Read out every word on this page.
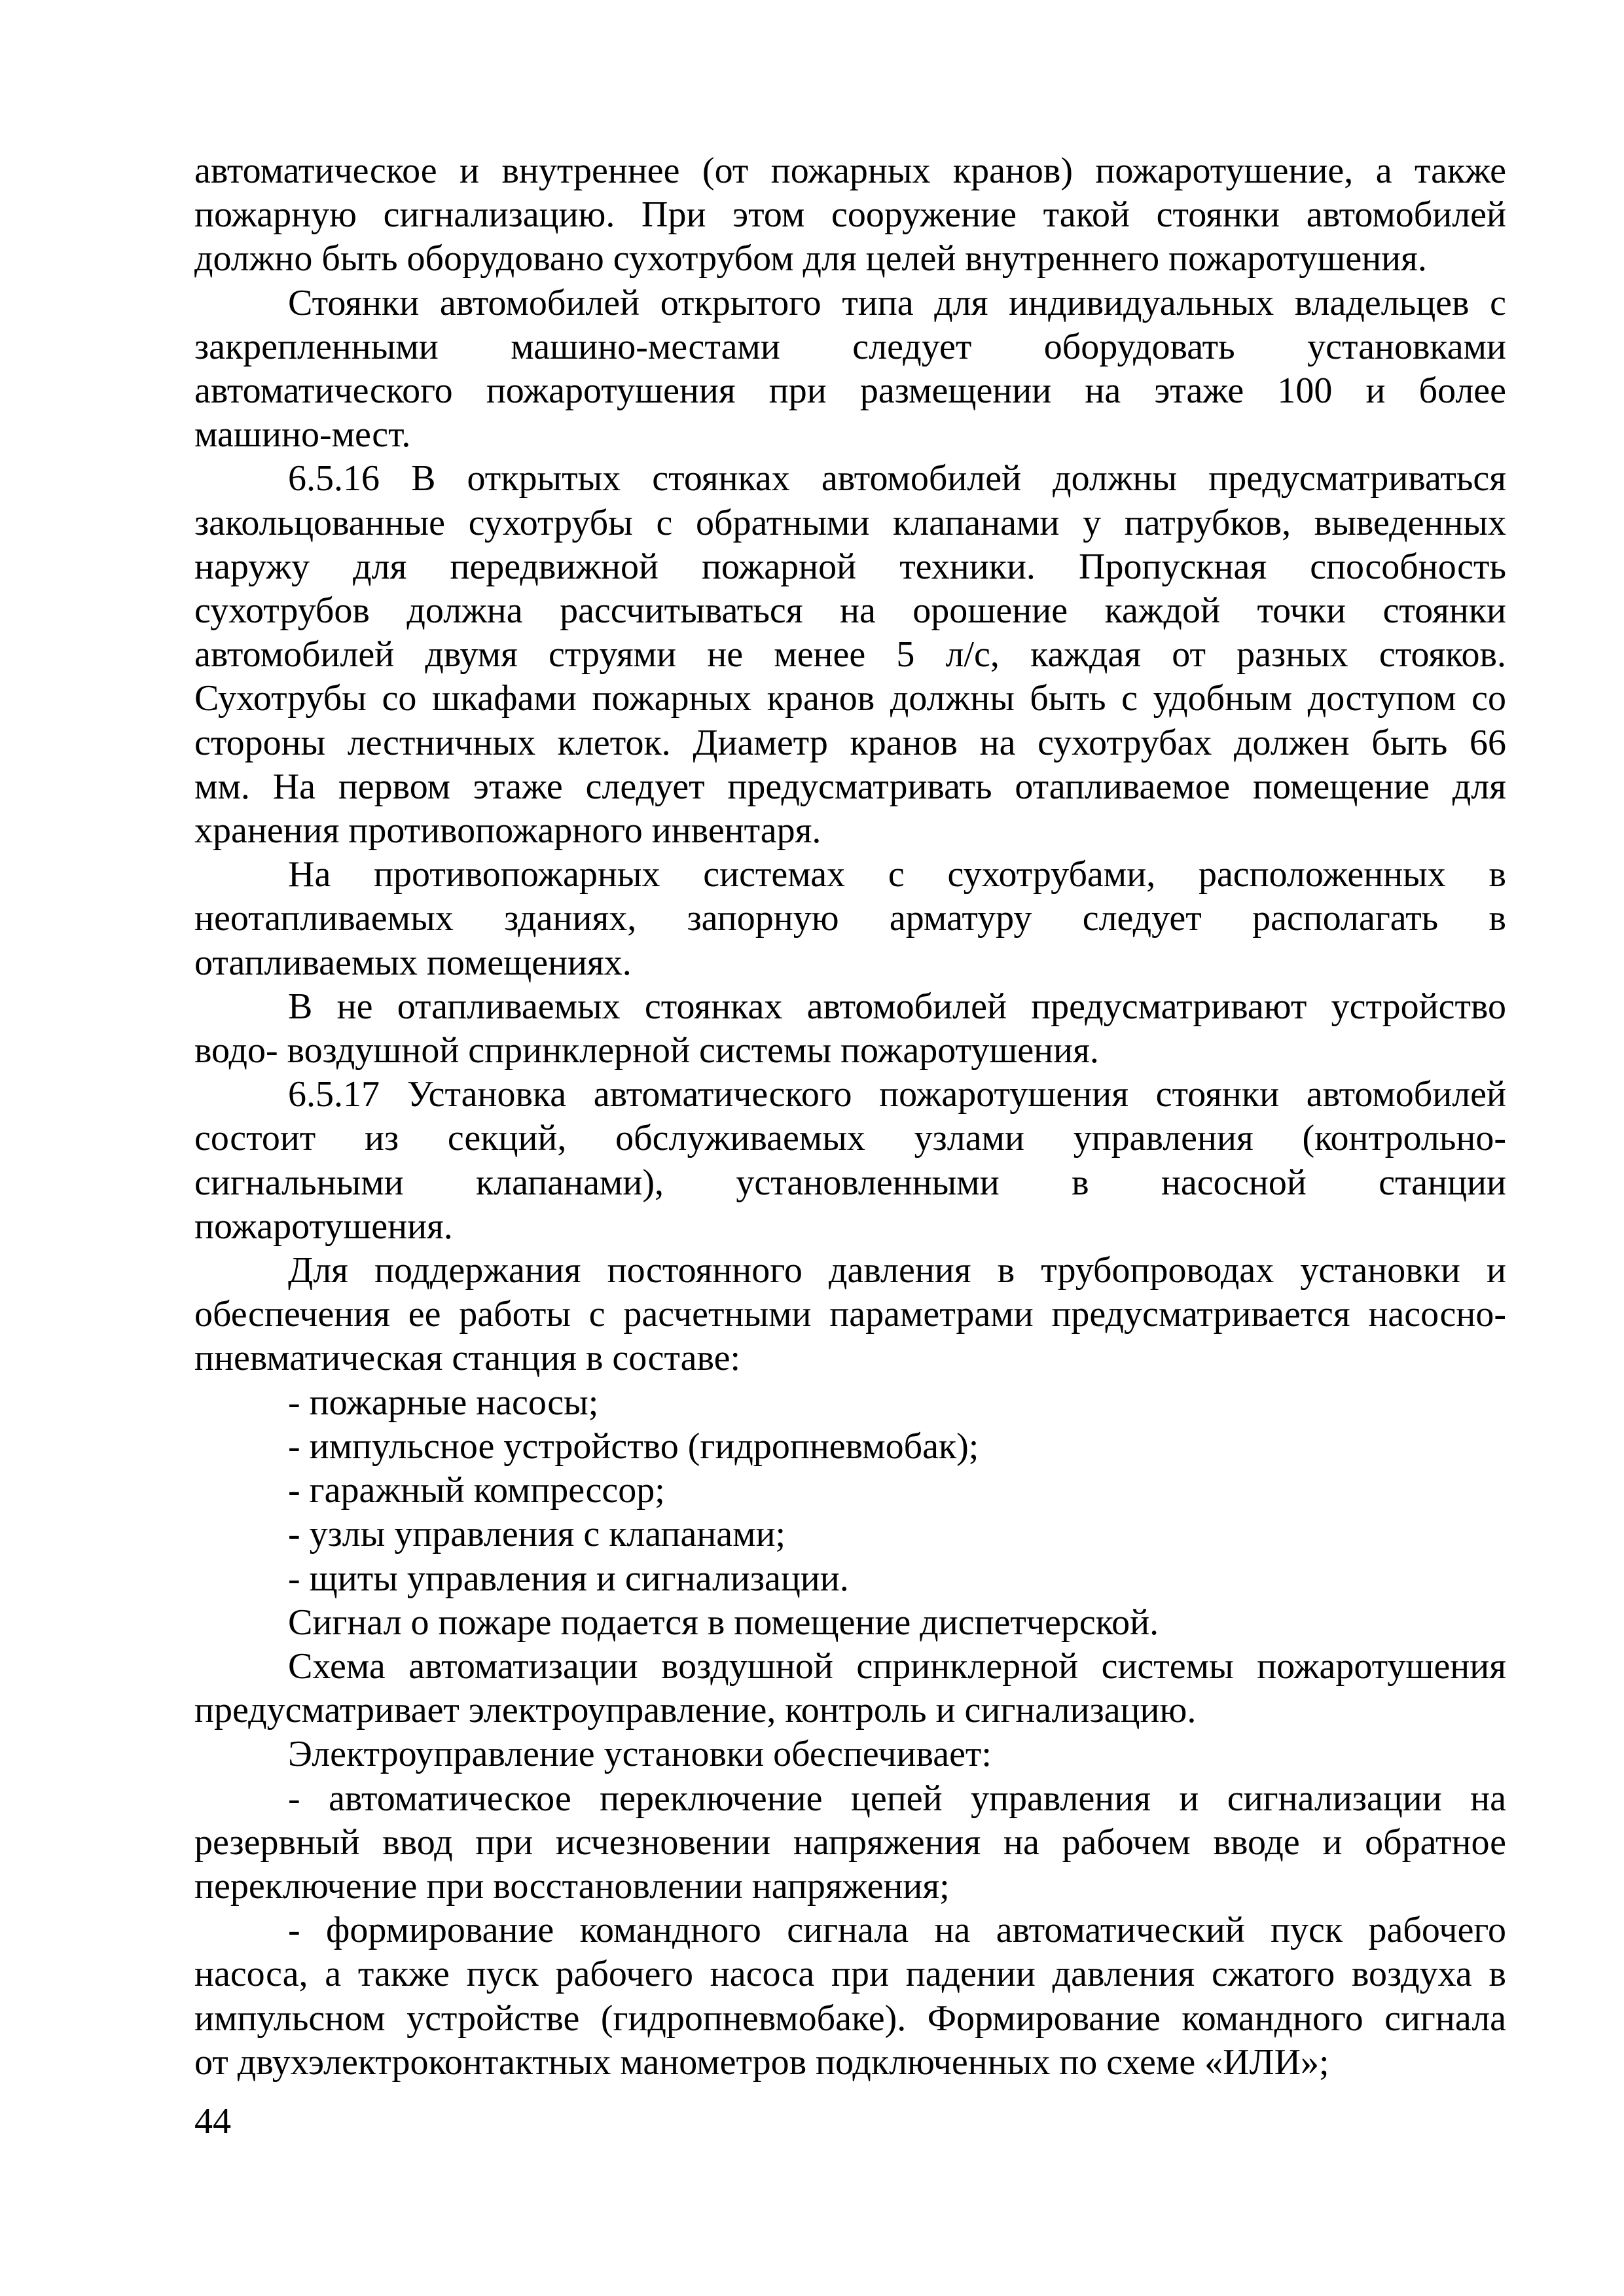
автоматическое и внутреннее (от пожарных кранов) пожаротушение, а также
пожарную сигнализацию. При этом сооружение такой стоянки автомобилей
должно быть оборудовано сухотрубом для целей внутреннего пожаротушения.
Стоянки автомобилей открытого типа для индивидуальных владельцев с
закрепленными машино-местами следует оборудовать установками
автоматического пожаротушения при размещении на этаже 100 и более
машино-мест.
6.5.16 В открытых стоянках автомобилей должны предусматриваться
закольцованные сухотрубы с обратными клапанами у патрубков, выведенных
наружу для передвижной пожарной техники. Пропускная способность
сухотрубов должна рассчитываться на орошение каждой точки стоянки
автомобилей двумя струями не менее 5 л/с, каждая от разных стояков.
Сухотрубы со шкафами пожарных кранов должны быть с удобным доступом со
стороны лестничных клеток. Диаметр кранов на сухотрубах должен быть 66
мм. На первом этаже следует предусматривать отапливаемое помещение для
хранения противопожарного инвентаря.
На противопожарных системах с сухотрубами, расположенных в
неотапливаемых зданиях, запорную арматуру следует располагать в
отапливаемых помещениях.
В не отапливаемых стоянках автомобилей предусматривают устройство
водо- воздушной спринклерной системы пожаротушения.
6.5.17 Установка автоматического пожаротушения стоянки автомобилей
состоит из секций, обслуживаемых узлами управления (контрольно-
сигнальными клапанами), установленными в насосной станции
пожаротушения.
Для поддержания постоянного давления в трубопроводах установки и
обеспечения ее работы с расчетными параметрами предусматривается насосно-
пневматическая станция в составе:
- пожарные насосы;
- импульсное устройство (гидропневмобак);
- гаражный компрессор;
- узлы управления с клапанами;
- щиты управления и сигнализации.
Сигнал о пожаре подается в помещение диспетчерской.
Схема автоматизации воздушной спринклерной системы пожаротушения
предусматривает электроуправление, контроль и сигнализацию.
Электроуправление установки обеспечивает:
- автоматическое переключение цепей управления и сигнализации на
резервный ввод при исчезновении напряжения на рабочем вводе и обратное
переключение при восстановлении напряжения;
- формирование командного сигнала на автоматический пуск рабочего
насоса, а также пуск рабочего насоса при падении давления сжатого воздуха в
импульсном устройстве (гидропневмобаке). Формирование командного сигнала
от двухэлектроконтактных манометров подключенных по схеме «ИЛИ»;
44
